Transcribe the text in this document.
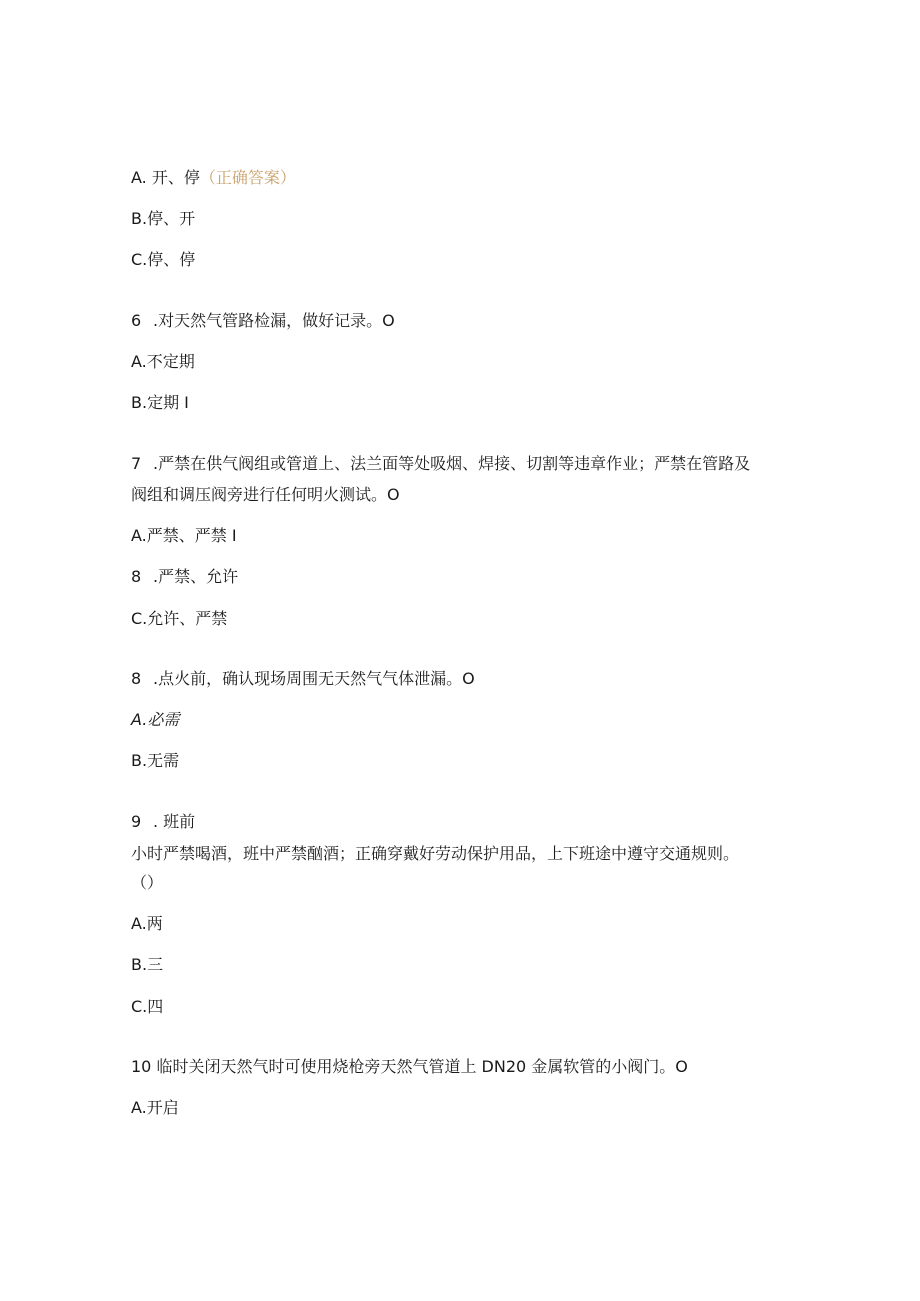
A. 开、停（正确答案）
B.停、开
C.停、停
6 .对天然气管路检漏，做好记录。O
A.不定期
B.定期 I
7 .严禁在供气阀组或管道上、法兰面等处吸烟、焊接、切割等违章作业；严禁在管路及
阀组和调压阀旁进行任何明火测试。O
A.严禁、严禁 I
8 .严禁、允许
C.允许、严禁
8 .点火前，确认现场周围无天然气气体泄漏。O
A.必需
B.无需
9 . 班前
小时严禁喝酒，班中严禁酗酒；正确穿戴好劳动保护用品，上下班途中遵守交通规则。
（）
A.两
B.三
C.四
10 临时关闭天然气时可使用烧枪旁天然气管道上 DN20 金属软管的小阀门。O
A.开启
